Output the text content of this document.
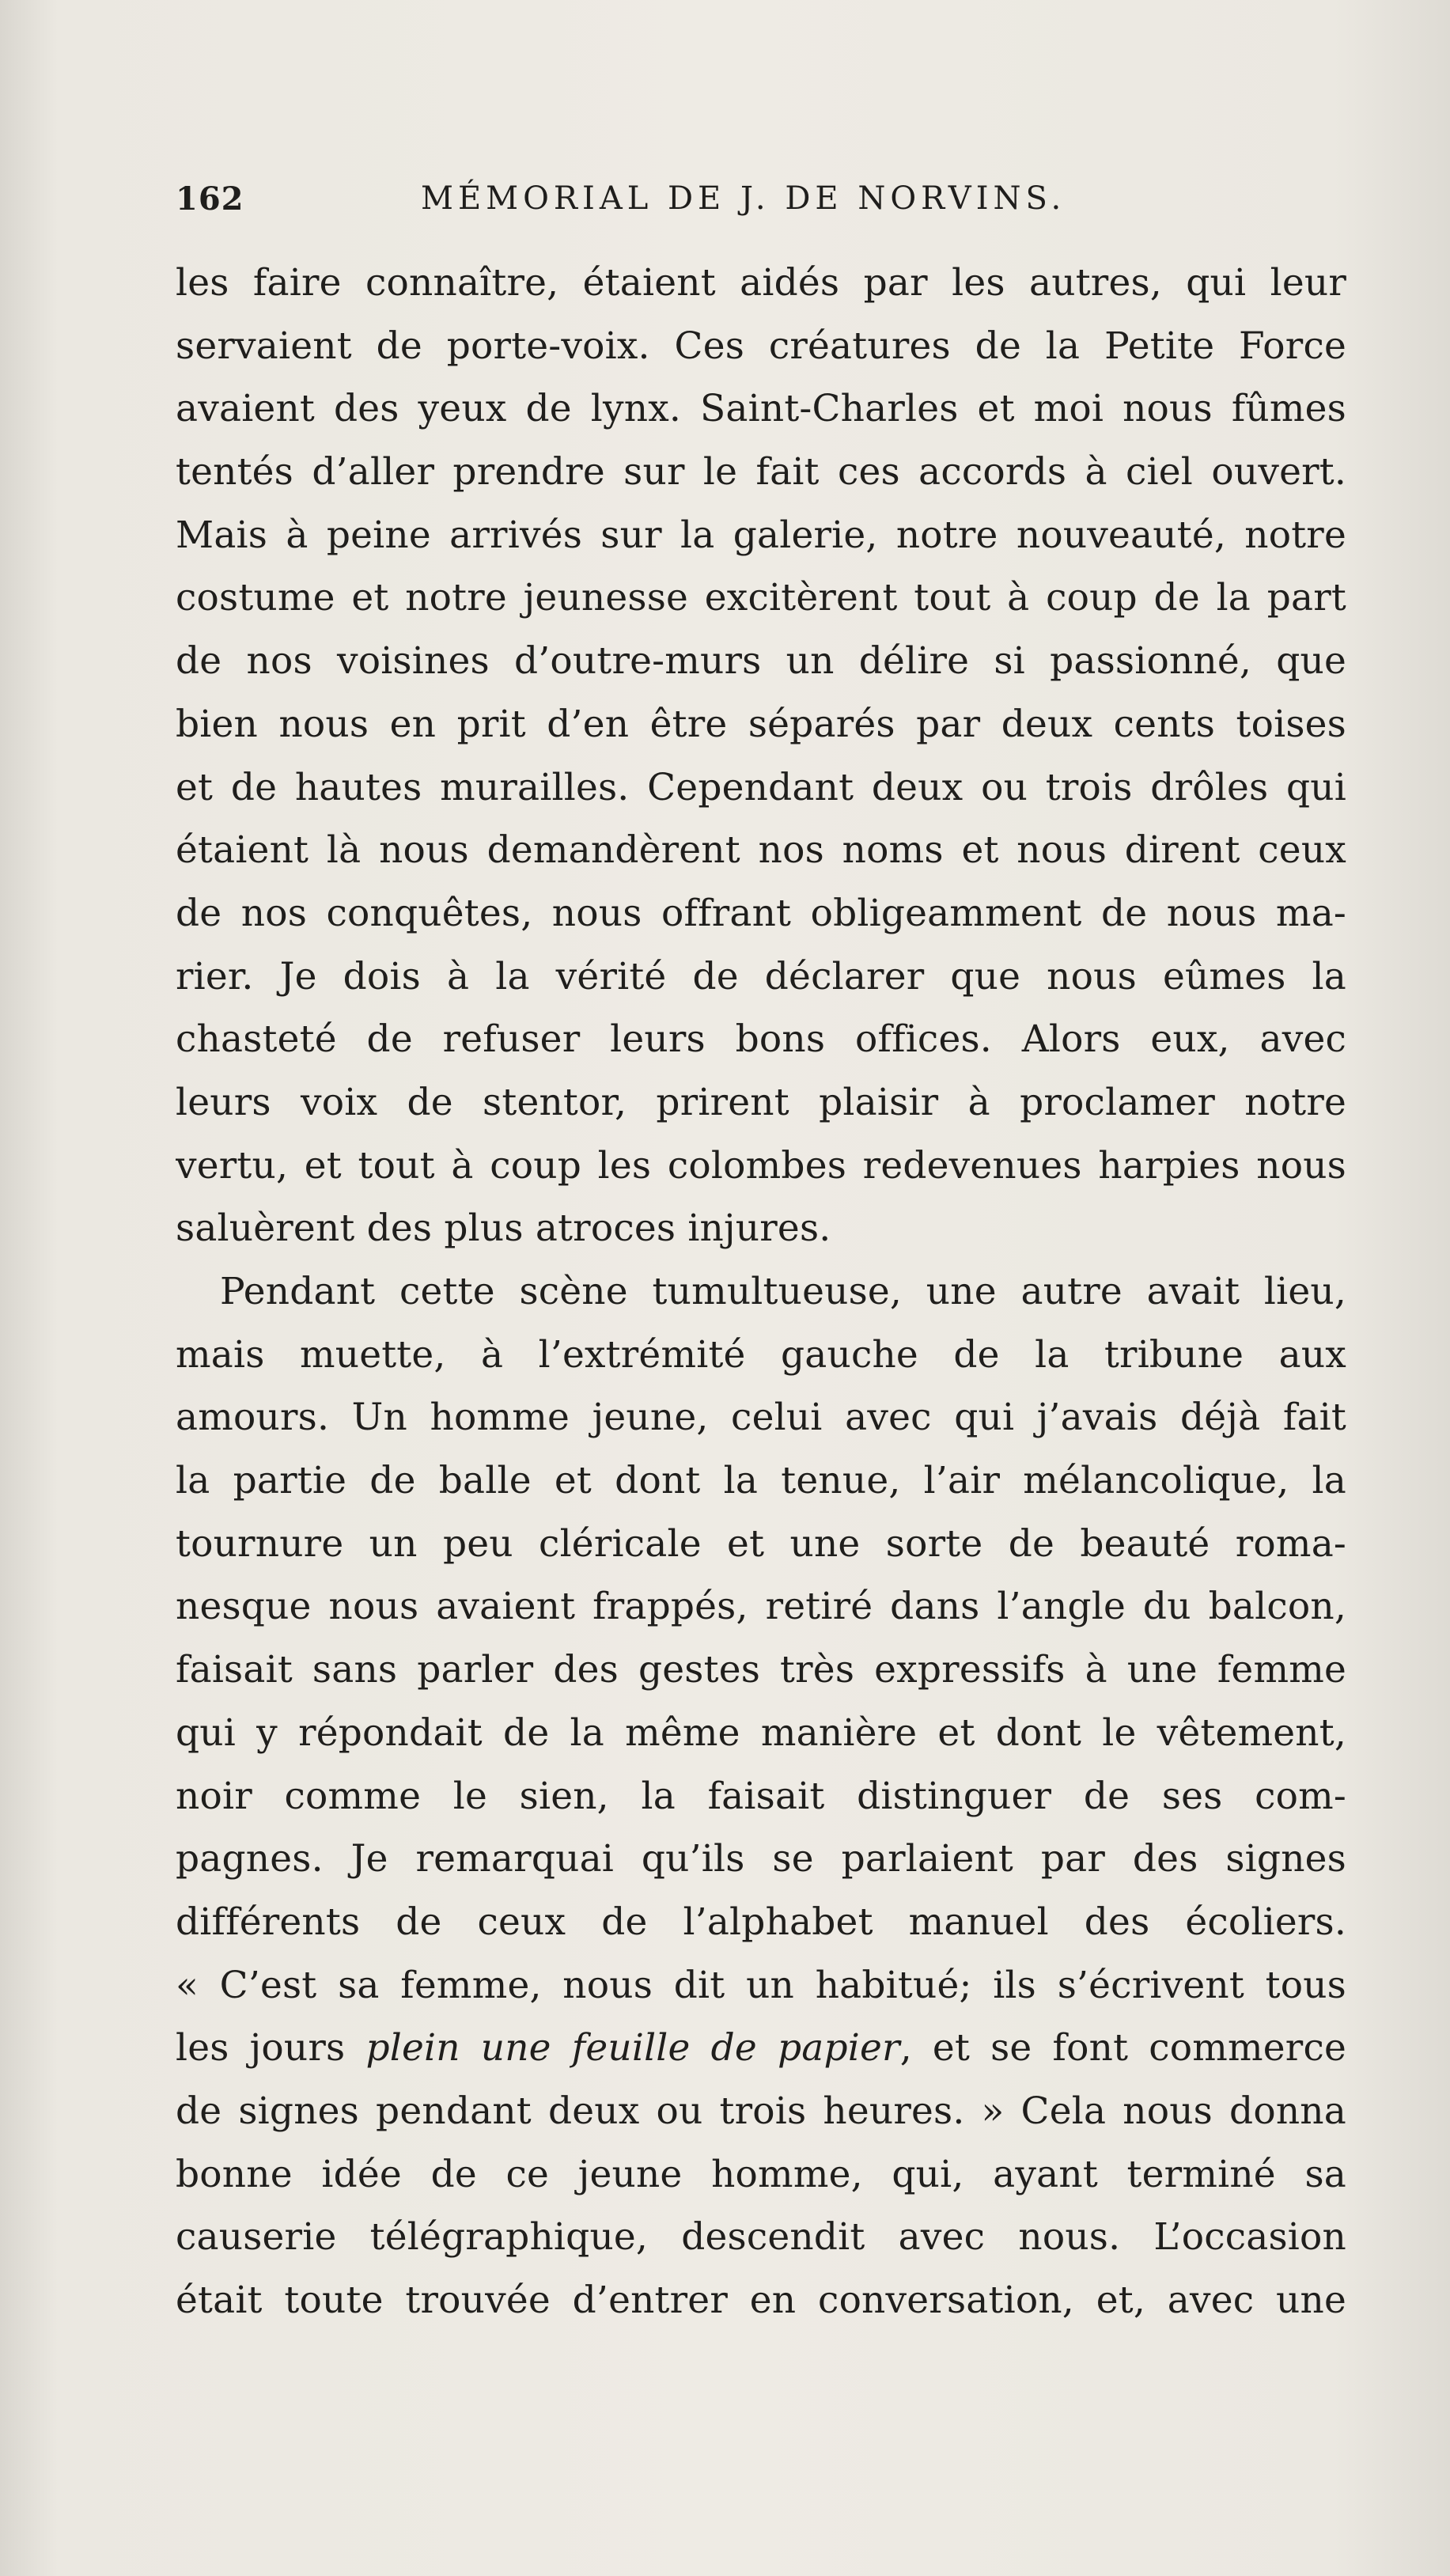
162	MÉMORIAL DE J. DE NORVINS.
les faire connaître, étaient aidés par les autres, qui leur
servaient de porte-voix. Ces créatures de la Petite Force
avaient des yeux de lynx. Saint-Charles et moi nous fûmes
tentés d’aller prendre sur le fait ces accords à ciel ouvert.
Mais à peine arrivés sur la galerie, notre nouveauté, notre
costume et notre jeunesse excitèrent tout à coup de la part
de nos voisines d’outre-murs un délire si passionné, que
bien nous en prit d’en être séparés par deux cents toises
et de hautes murailles. Cependant deux ou trois drôles qui
étaient là nous demandèrent nos noms et nous dirent ceux
de nos conquêtes, nous offrant obligeamment de nous ma-
rier. Je dois à la vérité de déclarer que nous eûmes la
chasteté de refuser leurs bons offices. Alors eux, avec
leurs voix de stentor, prirent plaisir à proclamer notre
vertu, et tout à coup les colombes redevenues harpies nous
saluèrent des plus atroces injures.
Pendant cette scène tumultueuse, une autre avait lieu,
mais muette, à l’extrémité gauche de la tribune aux
amours. Un homme jeune, celui avec qui j’avais déjà fait
la partie de balle et dont la tenue, l’air mélancolique, la
tournure un peu cléricale et une sorte de beauté roma-
nesque nous avaient frappés, retiré dans l’angle du balcon,
faisait sans parler des gestes très expressifs à une femme
qui y répondait de la même manière et dont le vêtement,
noir comme le sien, la faisait distinguer de ses com-
pagnes. Je remarquai qu’ils se parlaient par des signes
différents de ceux de l’alphabet manuel des écoliers.
« C’est sa femme, nous dit un habitué; ils s’écrivent tous
les jours plein une feuille de papier, et se font commerce
de signes pendant deux ou trois heures. » Cela nous donna
bonne idée de ce jeune homme, qui, ayant terminé sa
causerie télégraphique, descendit avec nous. L’occasion
était toute trouvée d’entrer en conversation, et, avec une
